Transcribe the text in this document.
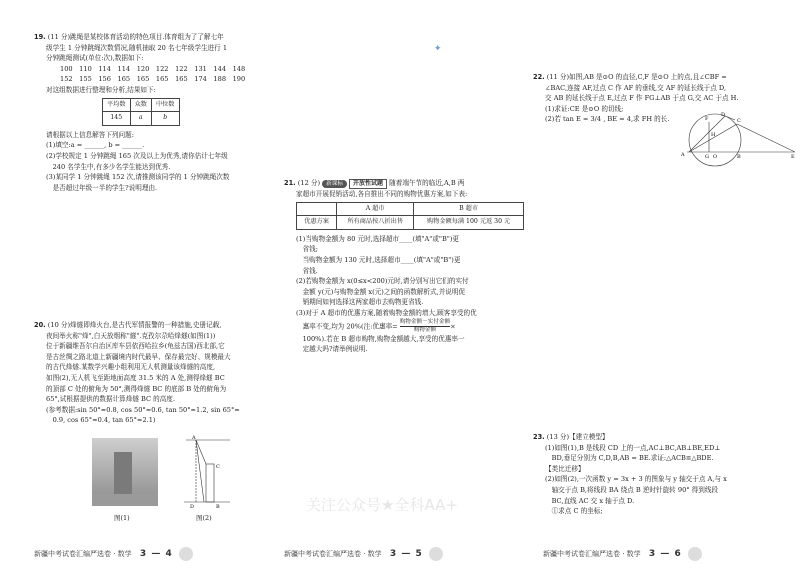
19. (11 分)跳绳是某校体育活动的特色项目.体育组为了了解七年
级学生 1 分钟跳绳次数情况,随机抽取 20 名七年级学生进行 1
分钟跳绳测试(单位:次),数据如下:
100　110　114　114　120　122　122　131　144　148
152　155　156　165　165　165　165　174　188　190
对这组数据进行整理和分析,结果如下:
平均数	众数	中位数
145	a	b
请根据以上信息解答下列问题:
(1)填空:a = ______, b = ______.
(2)学校规定 1 分钟跳绳 165 次及以上为优秀,请你估计七年级
　240 名学生中,有多少名学生能达到优秀.
(3)某同学 1 分钟跳绳 152 次,请推测该同学的 1 分钟跳绳次数
　是否超过年级一半的学生?说明理由.
20. (10 分)烽燧即烽火台,是古代军情报警的一种措施,史册记载,
夜间举火称"烽",白天放烟称"燧".克孜尔尕哈烽燧(如图(1))
位于新疆维吾尔自治区库车县依西哈拉乡(龟兹古国)西北部,它
是古丝绸之路北道上新疆境内时代最早、保存最完好、规模最大
的古代烽燧.某数学兴趣小组利用无人机测量该烽燧的高度,
如图(2),无人机飞至距地面高度 31.5 米的 A 处,测得烽燧 BC
的顶部 C 处的俯角为 50°,测得烽燧 BC 的底部 B 处的俯角为
65°,试根据提供的数据计算烽燧 BC 的高度.
(参考数据:sin 50°≈0.8, cos 50°≈0.6, tan 50°≈1.2, sin 65°≈
　0.9, cos 65°≈0.4, tan 65°≈2.1)
图(1)
A
D
C
B
图(2)
新疆中考试卷汇编严选卷 · 数学 3 — 4
✦
21. (12 分) 新课标 开放性试题 随着端午节的临近,A,B 两
家超市开展促销活动,各自推出不同的购物优惠方案,如下表:
	A 超市	B 超市
优惠方案	所有商品按八折出售	购物金额每满 100 元返 30 元
(1)当购物金额为 80 元时,选择超市____(填"A"或"B")更
　省钱;
　当购物金额为 130 元时,选择超市____(填"A"或"B")更
　省钱.
(2)若购物金额为 x(0≤x<200)元时,请分别写出它们的实付
　金额 y(元)与购物金额 x(元)之间的函数解析式,并说明促
　销期间如何选择这两家超市去购物更省钱.
(3)对于 A 超市的优惠方案,随着购物金额的增大,顾客享受的优
　惠率不变,均为 20%(注:优惠率=
购物金额－实付金额
购物金额	×
　100%).若在 B 超市购物,购物金额越大,享受的优惠率一
　定越大吗?请举例说明.
关注公众号★全科AA+
新疆中考试卷汇编严选卷 · 数学 3 — 5
22. (11 分)如图,AB 是⊙O 的直径,C,F 是⊙O 上的点,且∠CBF =
∠BAC,连接 AF,过点 C 作 AF 的垂线,交 AF 的延长线于点 D,
交 AB 的延长线于点 E,过点 F 作 FG⊥AB 于点 G,交 AC 于点 H.
(1)求证:CE 是⊙O 的切线;
(2)若 tan E = 3/4 , BE = 4,求 FH 的长.
A
D
C
F
G O	B	E
H
23. (13 分)【建立模型】
(1)如图(1),B 是线段 CD 上的一点,AC⊥BC,AB⊥BE,ED⊥
　BD,垂足分别为 C,D,B,AB = BE.求证:△ACB≌△BDE.
【类比迁移】
(2)如图(2),一次函数 y = 3x + 3 的图象与 y 轴交于点 A,与 x
　轴交于点 B,将线段 BA 绕点 B 逆时针旋转 90° 得到线段
　BC,直线 AC 交 x 轴于点 D.
　①求点 C 的坐标;
新疆中考试卷汇编严选卷 · 数学 3 — 6
